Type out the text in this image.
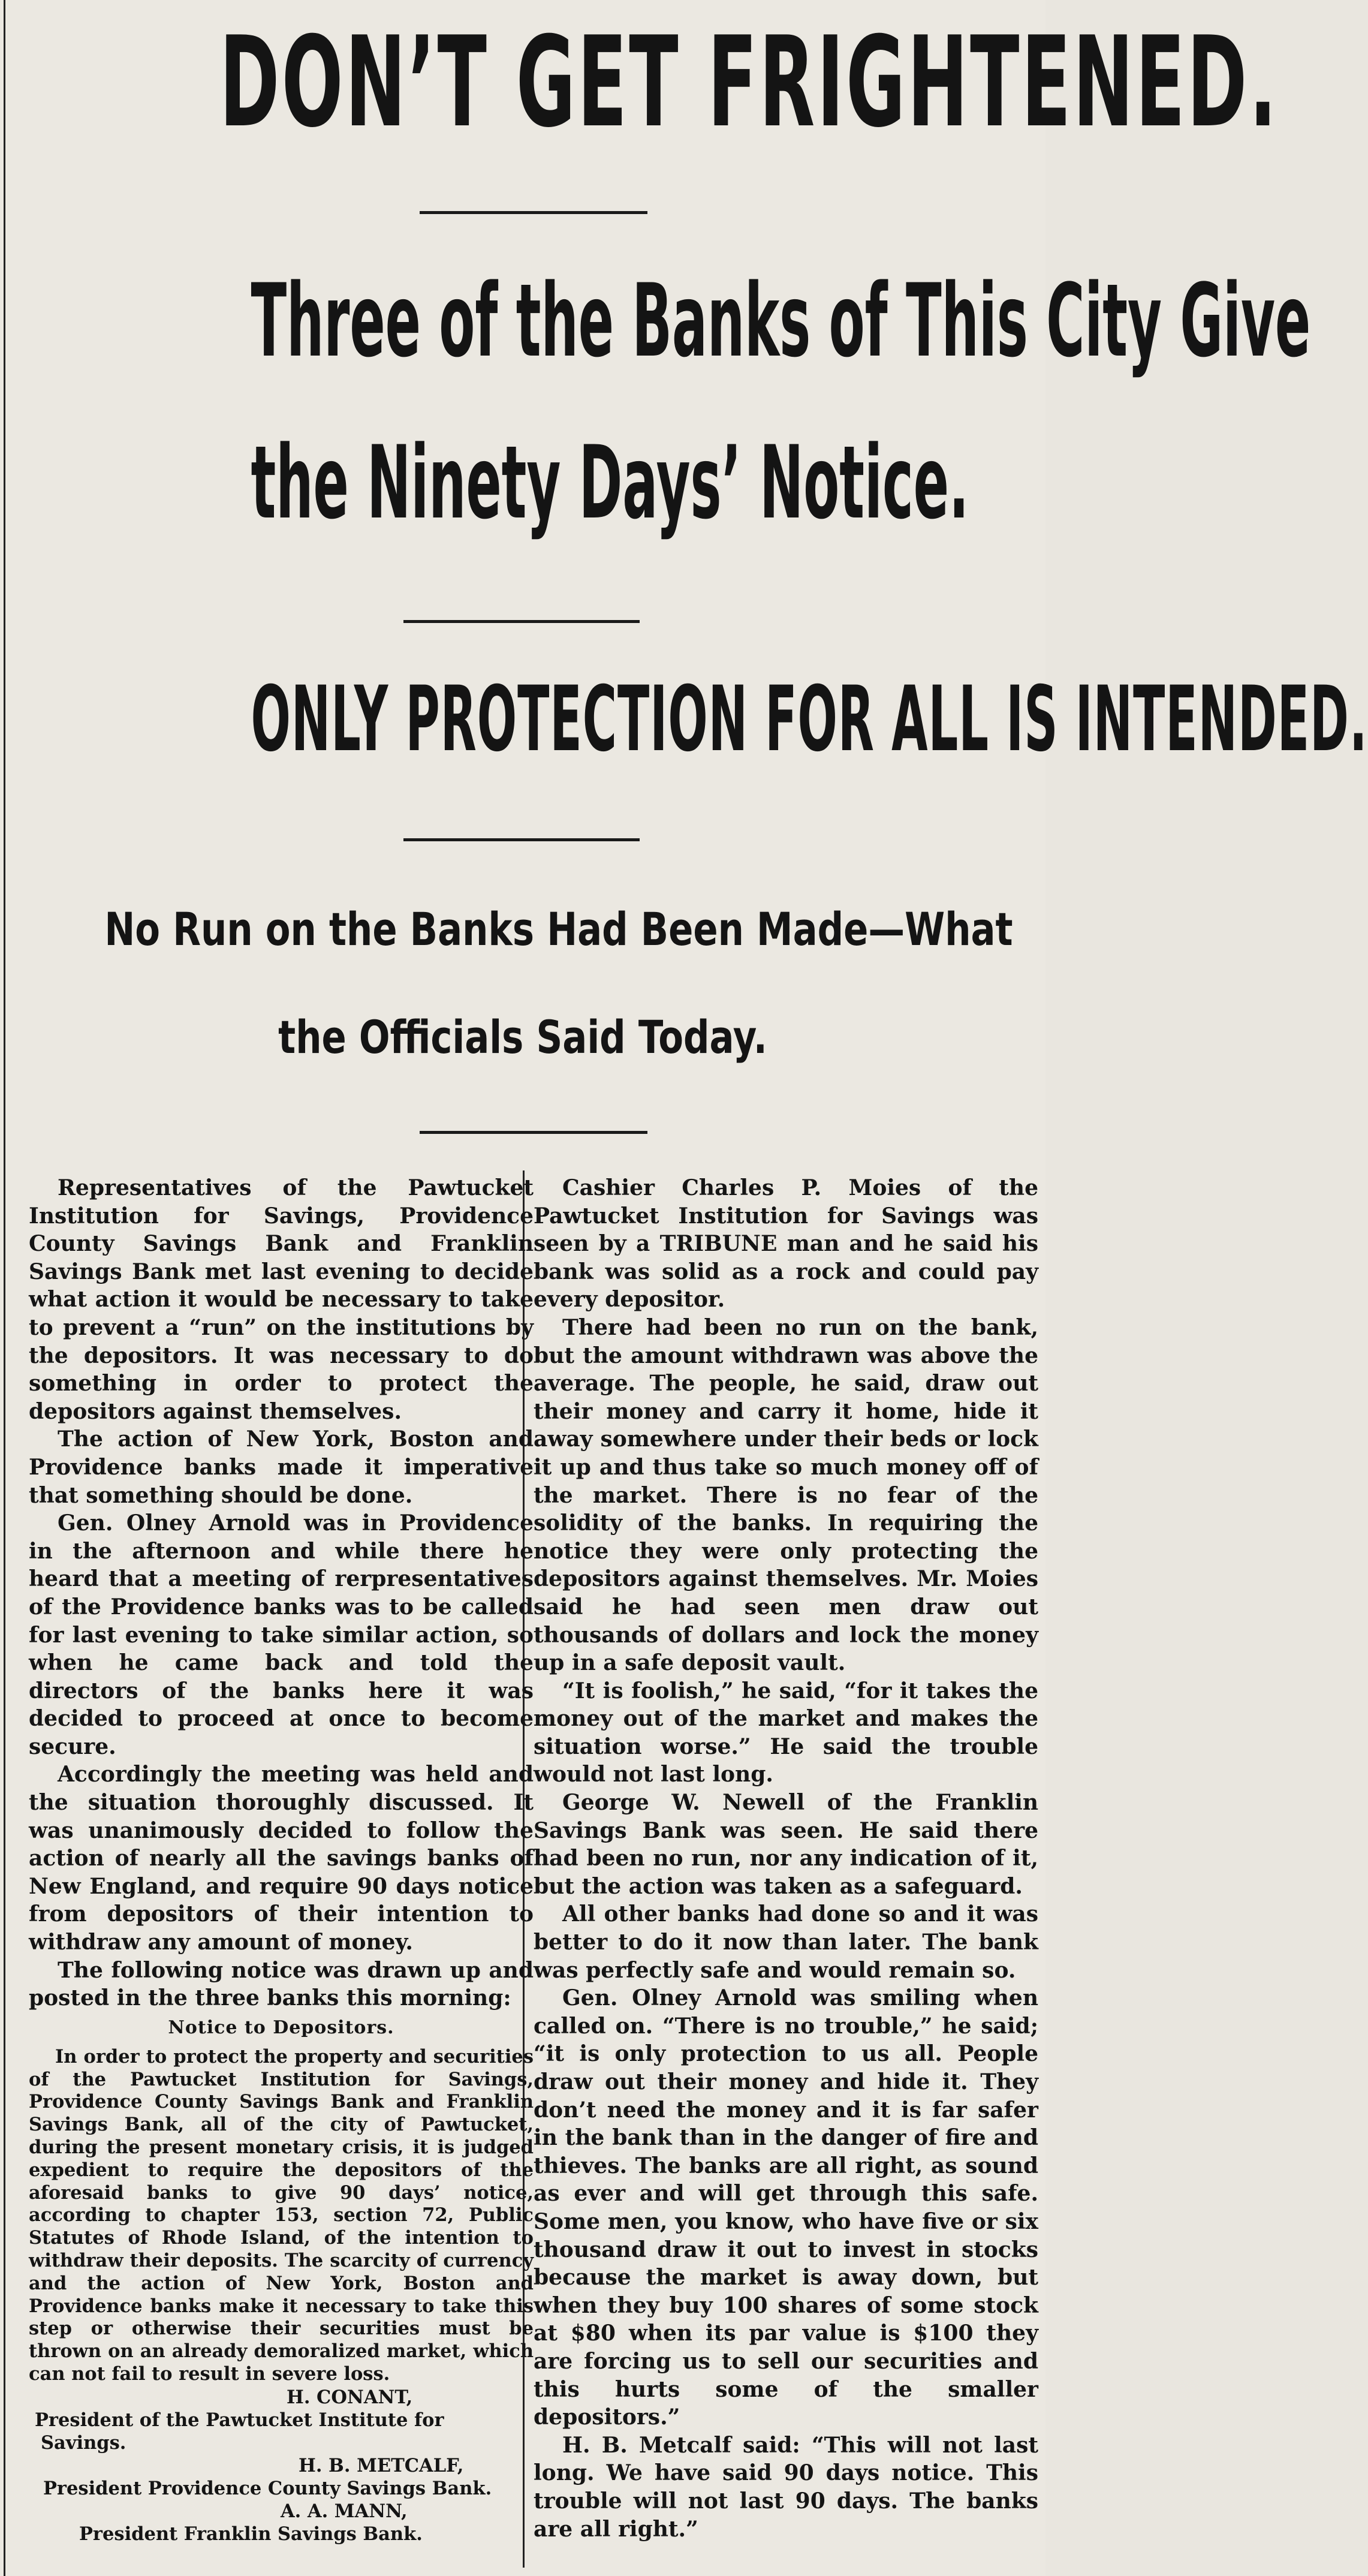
DON’T GET FRIGHTENED.
Three of the Banks of This City Give
the Ninety Days’ Notice.
ONLY PROTECTION FOR ALL IS INTENDED.
No Run on the Banks Had Been Made—What
the Officials Said Today.

Representatives of the Pawtucket Institution for Savings, Providence County Savings Bank and Franklin Savings Bank met last evening to decide what action it would be necessary to take to prevent a “run” on the institutions by the depositors. It was necessary to do something in order to protect the depositors against themselves.

The action of New York, Boston and Providence banks made it imperative that something should be done.

Gen. Olney Arnold was in Providence in the afternoon and while there he heard that a meeting of rerpresentatives of the Providence banks was to be called for last evening to take similar action, so when he came back and told the directors of the banks here it was decided to proceed at once to become secure.

Accordingly the meeting was held and the situation thoroughly discussed. It was unanimously decided to follow the action of nearly all the savings banks of New England, and require 90 days notice from depositors of their intention to withdraw any amount of money.

The following notice was drawn up and posted in the three banks this morning:

Notice to Depositors.

In order to protect the property and securities of the Pawtucket Institution for Savings, Providence County Savings Bank and Franklin Savings Bank, all of the city of Pawtucket, during the present monetary crisis, it is judged expedient to require the depositors of the aforesaid banks to give 90 days’ notice, according to chapter 153, section 72, Public Statutes of Rhode Island, of the intention to withdraw their deposits. The scarcity of currency and the action of New York, Boston and Providence banks make it necessary to take this step or otherwise their securities must be thrown on an already demoralized market, which can not fail to result in severe loss.

H. CONANT,
President of the Pawtucket Institute for
Savings.
H. B. METCALF,
President Providence County Savings Bank.
A. A. MANN,
President Franklin Savings Bank.

Cashier Charles P. Moies of the Pawtucket Institution for Savings was seen by a TRIBUNE man and he said his bank was solid as a rock and could pay every depositor.

There had been no run on the bank, but the amount withdrawn was above the average. The people, he said, draw out their money and carry it home, hide it away somewhere under their beds or lock it up and thus take so much money off of the market. There is no fear of the solidity of the banks. In requiring the notice they were only protecting the depositors against themselves. Mr. Moies said he had seen men draw out thousands of dollars and lock the money up in a safe deposit vault.

“It is foolish,” he said, “for it takes the money out of the market and makes the situation worse.” He said the trouble would not last long.

George W. Newell of the Franklin Savings Bank was seen. He said there had been no run, nor any indication of it, but the action was taken as a safeguard.

All other banks had done so and it was better to do it now than later. The bank was perfectly safe and would remain so.

Gen. Olney Arnold was smiling when called on. “There is no trouble,” he said; “it is only protection to us all. People draw out their money and hide it. They don’t need the money and it is far safer in the bank than in the danger of fire and thieves. The banks are all right, as sound as ever and will get through this safe. Some men, you know, who have five or six thousand draw it out to invest in stocks because the market is away down, but when they buy 100 shares of some stock at $80 when its par value is $100 they are forcing us to sell our securities and this hurts some of the smaller depositors.”

H. B. Metcalf said: “This will not last long. We have said 90 days notice. This trouble will not last 90 days. The banks are all right.”
